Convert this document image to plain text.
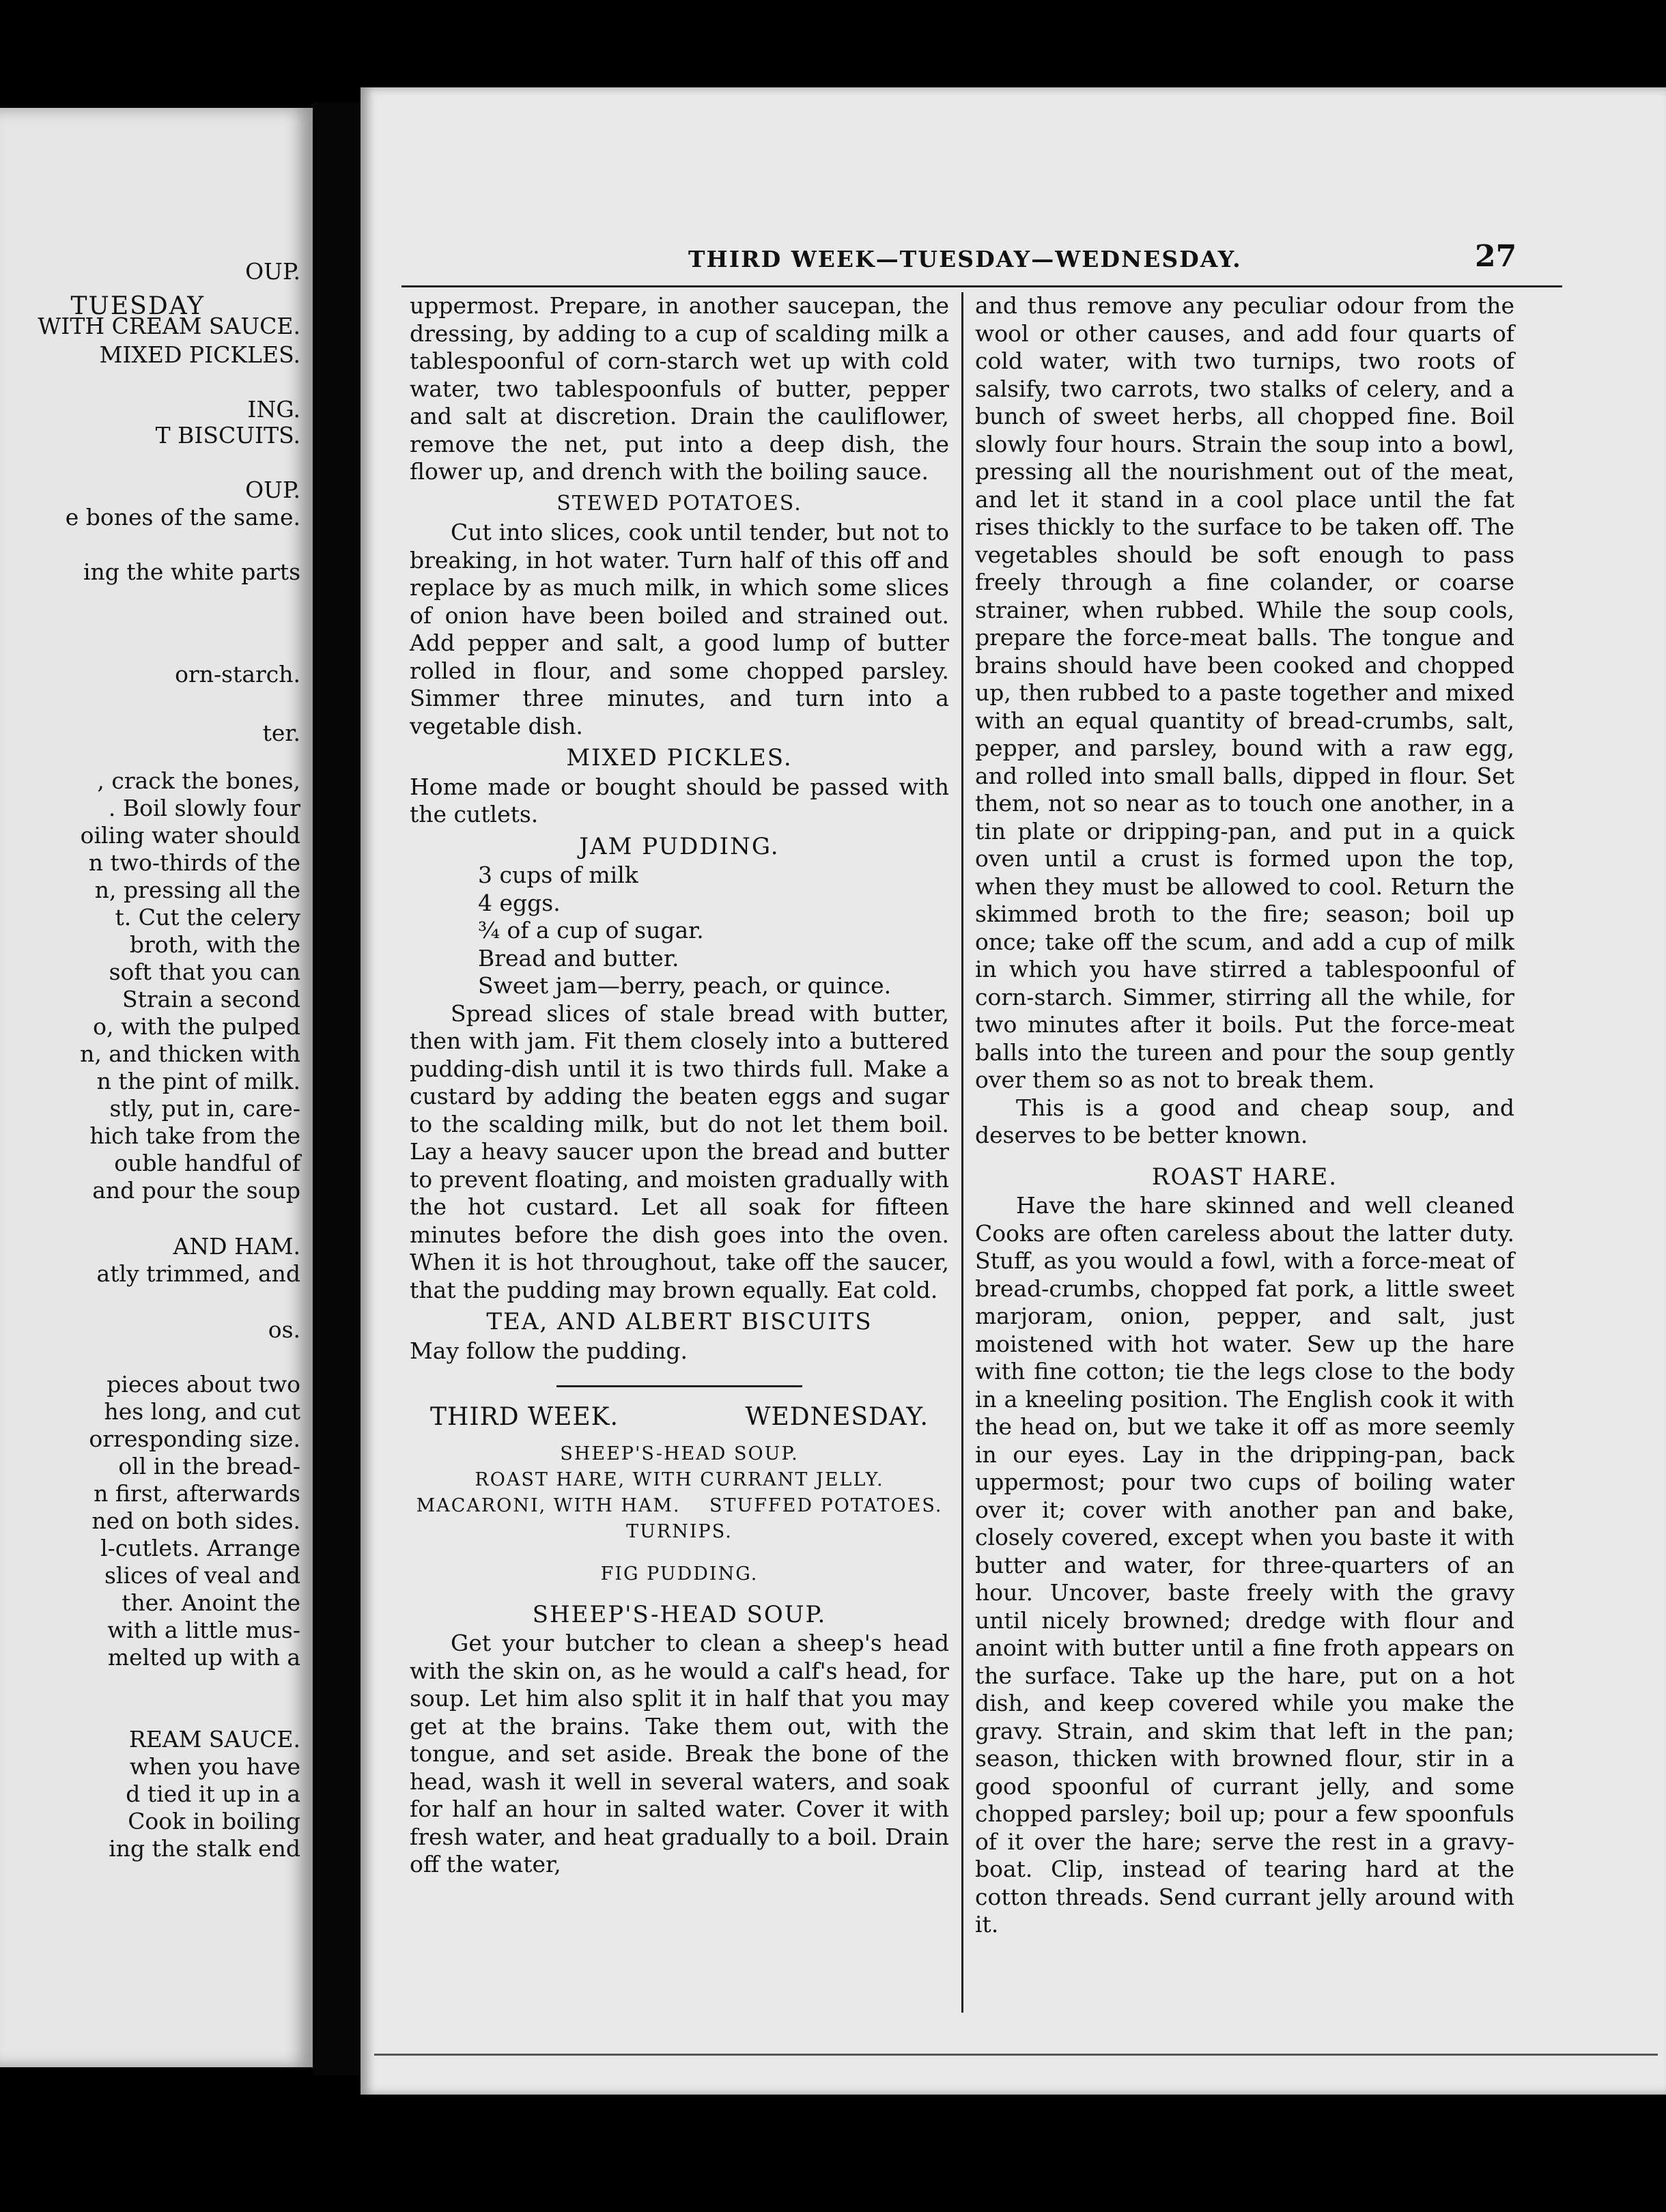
TUESDAY
OUP.
WITH CREAM SAUCE.
MIXED PICKLES.
ING.
T BISCUITS.
OUP.
e bones of the same.
ing the white parts
orn-starch.
ter.
, crack the bones,
. Boil slowly four
oiling water should
n two-thirds of the
n, pressing all the
t. Cut the celery
broth, with the
soft that you can
Strain a second
o, with the pulped
n, and thicken with
n the pint of milk.
stly, put in, care-
hich take from the
ouble handful of
and pour the soup
AND HAM.
atly trimmed, and
os.
pieces about two
hes long, and cut
orresponding size.
oll in the bread-
n first, afterwards
ned on both sides.
l-cutlets. Arrange
slices of veal and
ther. Anoint the
with a little mus-
melted up with a
REAM SAUCE.
when you have
d tied it up in a
Cook in boiling
ing the stalk end
THIRD WEEK—TUESDAY—WEDNESDAY.	27

uppermost. Prepare, in another saucepan, the dressing, by adding to a cup of scalding milk a tablespoonful of corn-starch wet up with cold water, two tablespoonfuls of butter, pepper and salt at discretion. Drain the cauliflower, remove the net, put into a deep dish, the flower up, and drench with the boiling sauce.

STEWED POTATOES.

Cut into slices, cook until tender, but not to breaking, in hot water. Turn half of this off and replace by as much milk, in which some slices of onion have been boiled and strained out. Add pepper and salt, a good lump of butter rolled in flour, and some chopped parsley. Simmer three minutes, and turn into a vegetable dish.

MIXED PICKLES.

Home made or bought should be passed with the cutlets.

JAM PUDDING.

3 cups of milk

4 eggs.

¾ of a cup of sugar.

Bread and butter.

Sweet jam—berry, peach, or quince.

Spread slices of stale bread with butter, then with jam. Fit them closely into a buttered pudding-dish until it is two thirds full. Make a custard by adding the beaten eggs and sugar to the scalding milk, but do not let them boil. Lay a heavy saucer upon the bread and butter to prevent floating, and moisten gradually with the hot custard. Let all soak for fifteen minutes before the dish goes into the oven. When it is hot throughout, take off the saucer, that the pudding may brown equally. Eat cold.

TEA, AND ALBERT BISCUITS

May follow the pudding.

THIRD WEEK.	WEDNESDAY.
SHEEP'S-HEAD SOUP.
ROAST HARE, WITH CURRANT JELLY.
MACARONI, WITH HAM.    STUFFED POTATOES.
TURNIPS.
FIG PUDDING.
SHEEP'S-HEAD SOUP.

Get your butcher to clean a sheep's head with the skin on, as he would a calf's head, for soup. Let him also split it in half that you may get at the brains. Take them out, with the tongue, and set aside. Break the bone of the head, wash it well in several waters, and soak for half an hour in salted water. Cover it with fresh water, and heat gradually to a boil. Drain off the water,

and thus remove any peculiar odour from the wool or other causes, and add four quarts of cold water, with two turnips, two roots of salsify, two carrots, two stalks of celery, and a bunch of sweet herbs, all chopped fine. Boil slowly four hours. Strain the soup into a bowl, pressing all the nourishment out of the meat, and let it stand in a cool place until the fat rises thickly to the surface to be taken off. The vegetables should be soft enough to pass freely through a fine colander, or coarse strainer, when rubbed. While the soup cools, prepare the force-meat balls. The tongue and brains should have been cooked and chopped up, then rubbed to a paste together and mixed with an equal quantity of bread-crumbs, salt, pepper, and parsley, bound with a raw egg, and rolled into small balls, dipped in flour. Set them, not so near as to touch one another, in a tin plate or dripping-pan, and put in a quick oven until a crust is formed upon the top, when they must be allowed to cool. Return the skimmed broth to the fire; season; boil up once; take off the scum, and add a cup of milk in which you have stirred a tablespoonful of corn-starch. Simmer, stirring all the while, for two minutes after it boils. Put the force-meat balls into the tureen and pour the soup gently over them so as not to break them.

This is a good and cheap soup, and deserves to be better known.

ROAST HARE.

Have the hare skinned and well cleaned Cooks are often careless about the latter duty. Stuff, as you would a fowl, with a force-meat of bread-crumbs, chopped fat pork, a little sweet marjoram, onion, pepper, and salt, just moistened with hot water. Sew up the hare with fine cotton; tie the legs close to the body in a kneeling position. The English cook it with the head on, but we take it off as more seemly in our eyes. Lay in the dripping-pan, back uppermost; pour two cups of boiling water over it; cover with another pan and bake, closely covered, except when you baste it with butter and water, for three-quarters of an hour. Uncover, baste freely with the gravy until nicely browned; dredge with flour and anoint with butter until a fine froth appears on the surface. Take up the hare, put on a hot dish, and keep covered while you make the gravy. Strain, and skim that left in the pan; season, thicken with browned flour, stir in a good spoonful of currant jelly, and some chopped parsley; boil up; pour a few spoonfuls of it over the hare; serve the rest in a gravy-boat. Clip, instead of tearing hard at the cotton threads. Send currant jelly around with it.
